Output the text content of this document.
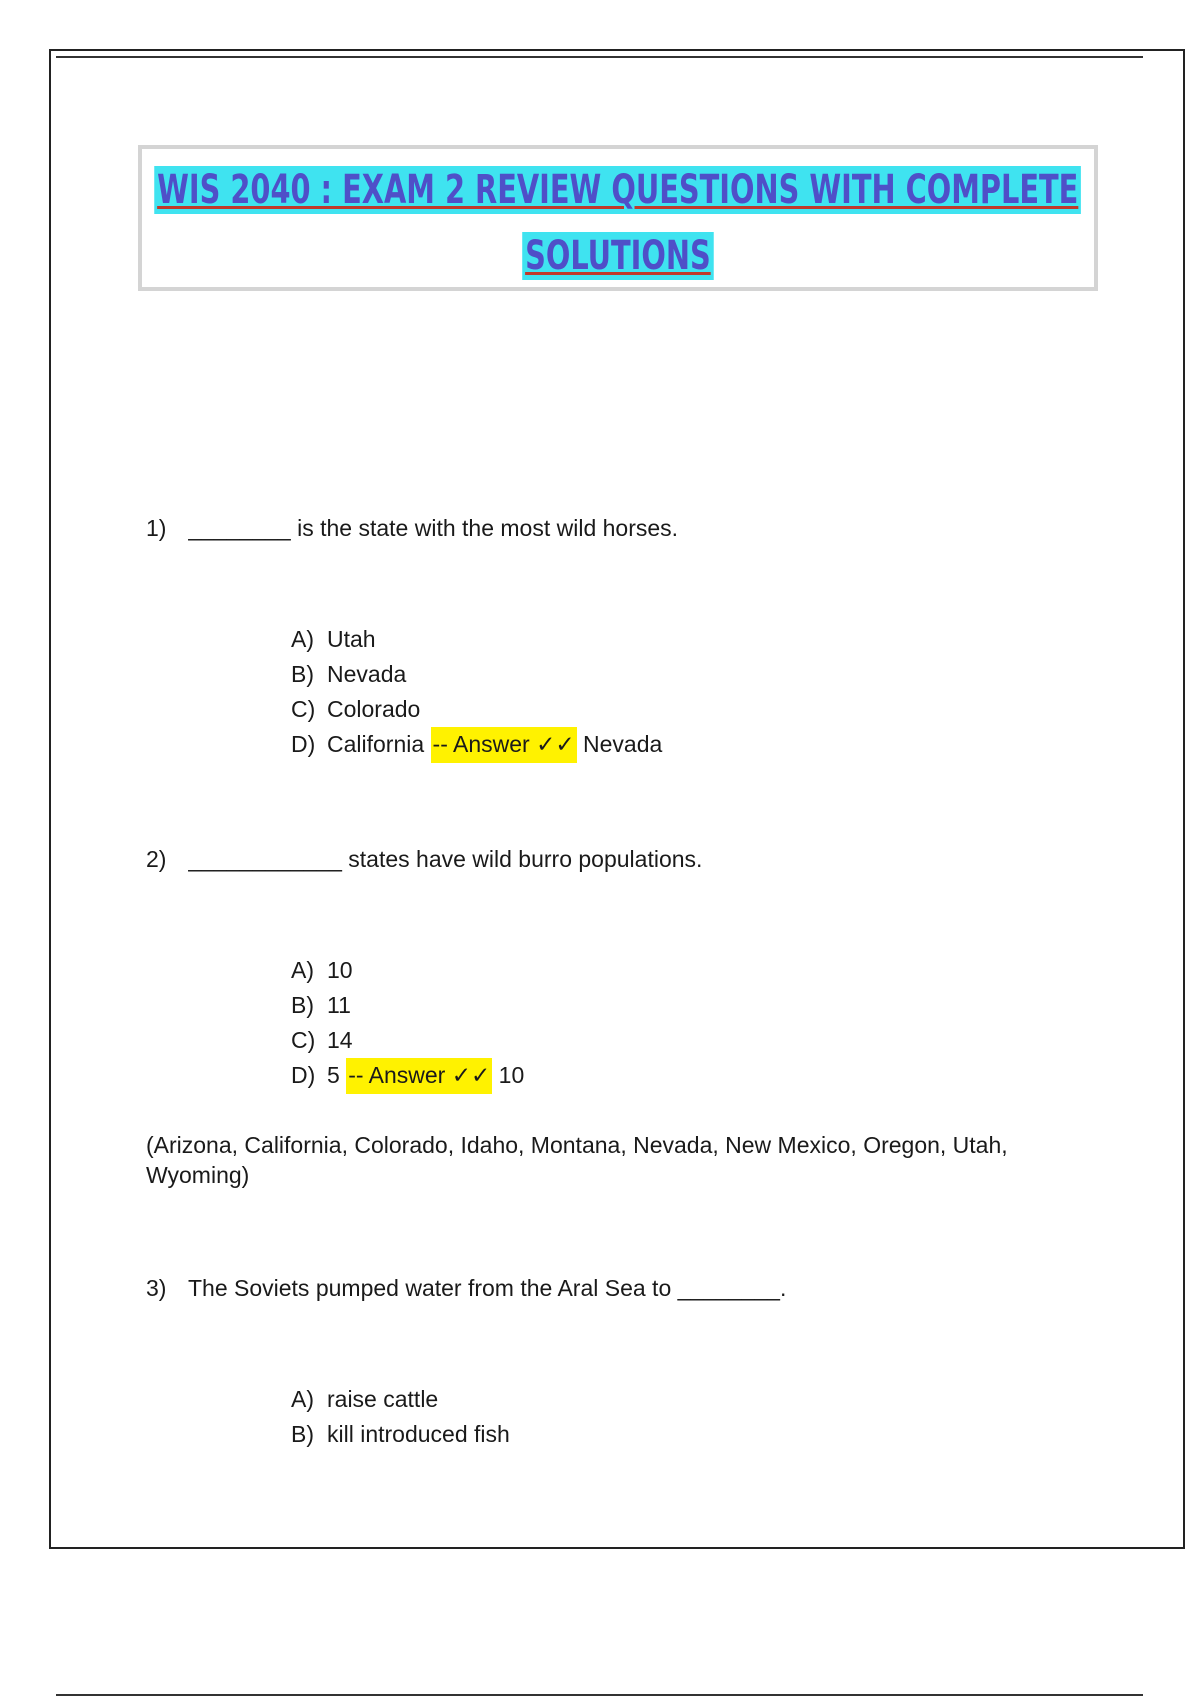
WIS 2040 : EXAM 2 REVIEW QUESTIONS WITH COMPLETE
SOLUTIONS
1) ________ is the state with the most wild horses.
A) Utah
B) Nevada
C) Colorado
D) California -- Answer ✓✓ Nevada
2) ____________ states have wild burro populations.
A) 10
B) 11
C) 14
D) 5 -- Answer ✓✓ 10
(Arizona, California, Colorado, Idaho, Montana, Nevada, New Mexico, Oregon, Utah, Wyoming)
3) The Soviets pumped water from the Aral Sea to ________.
A) raise cattle
B) kill introduced fish
